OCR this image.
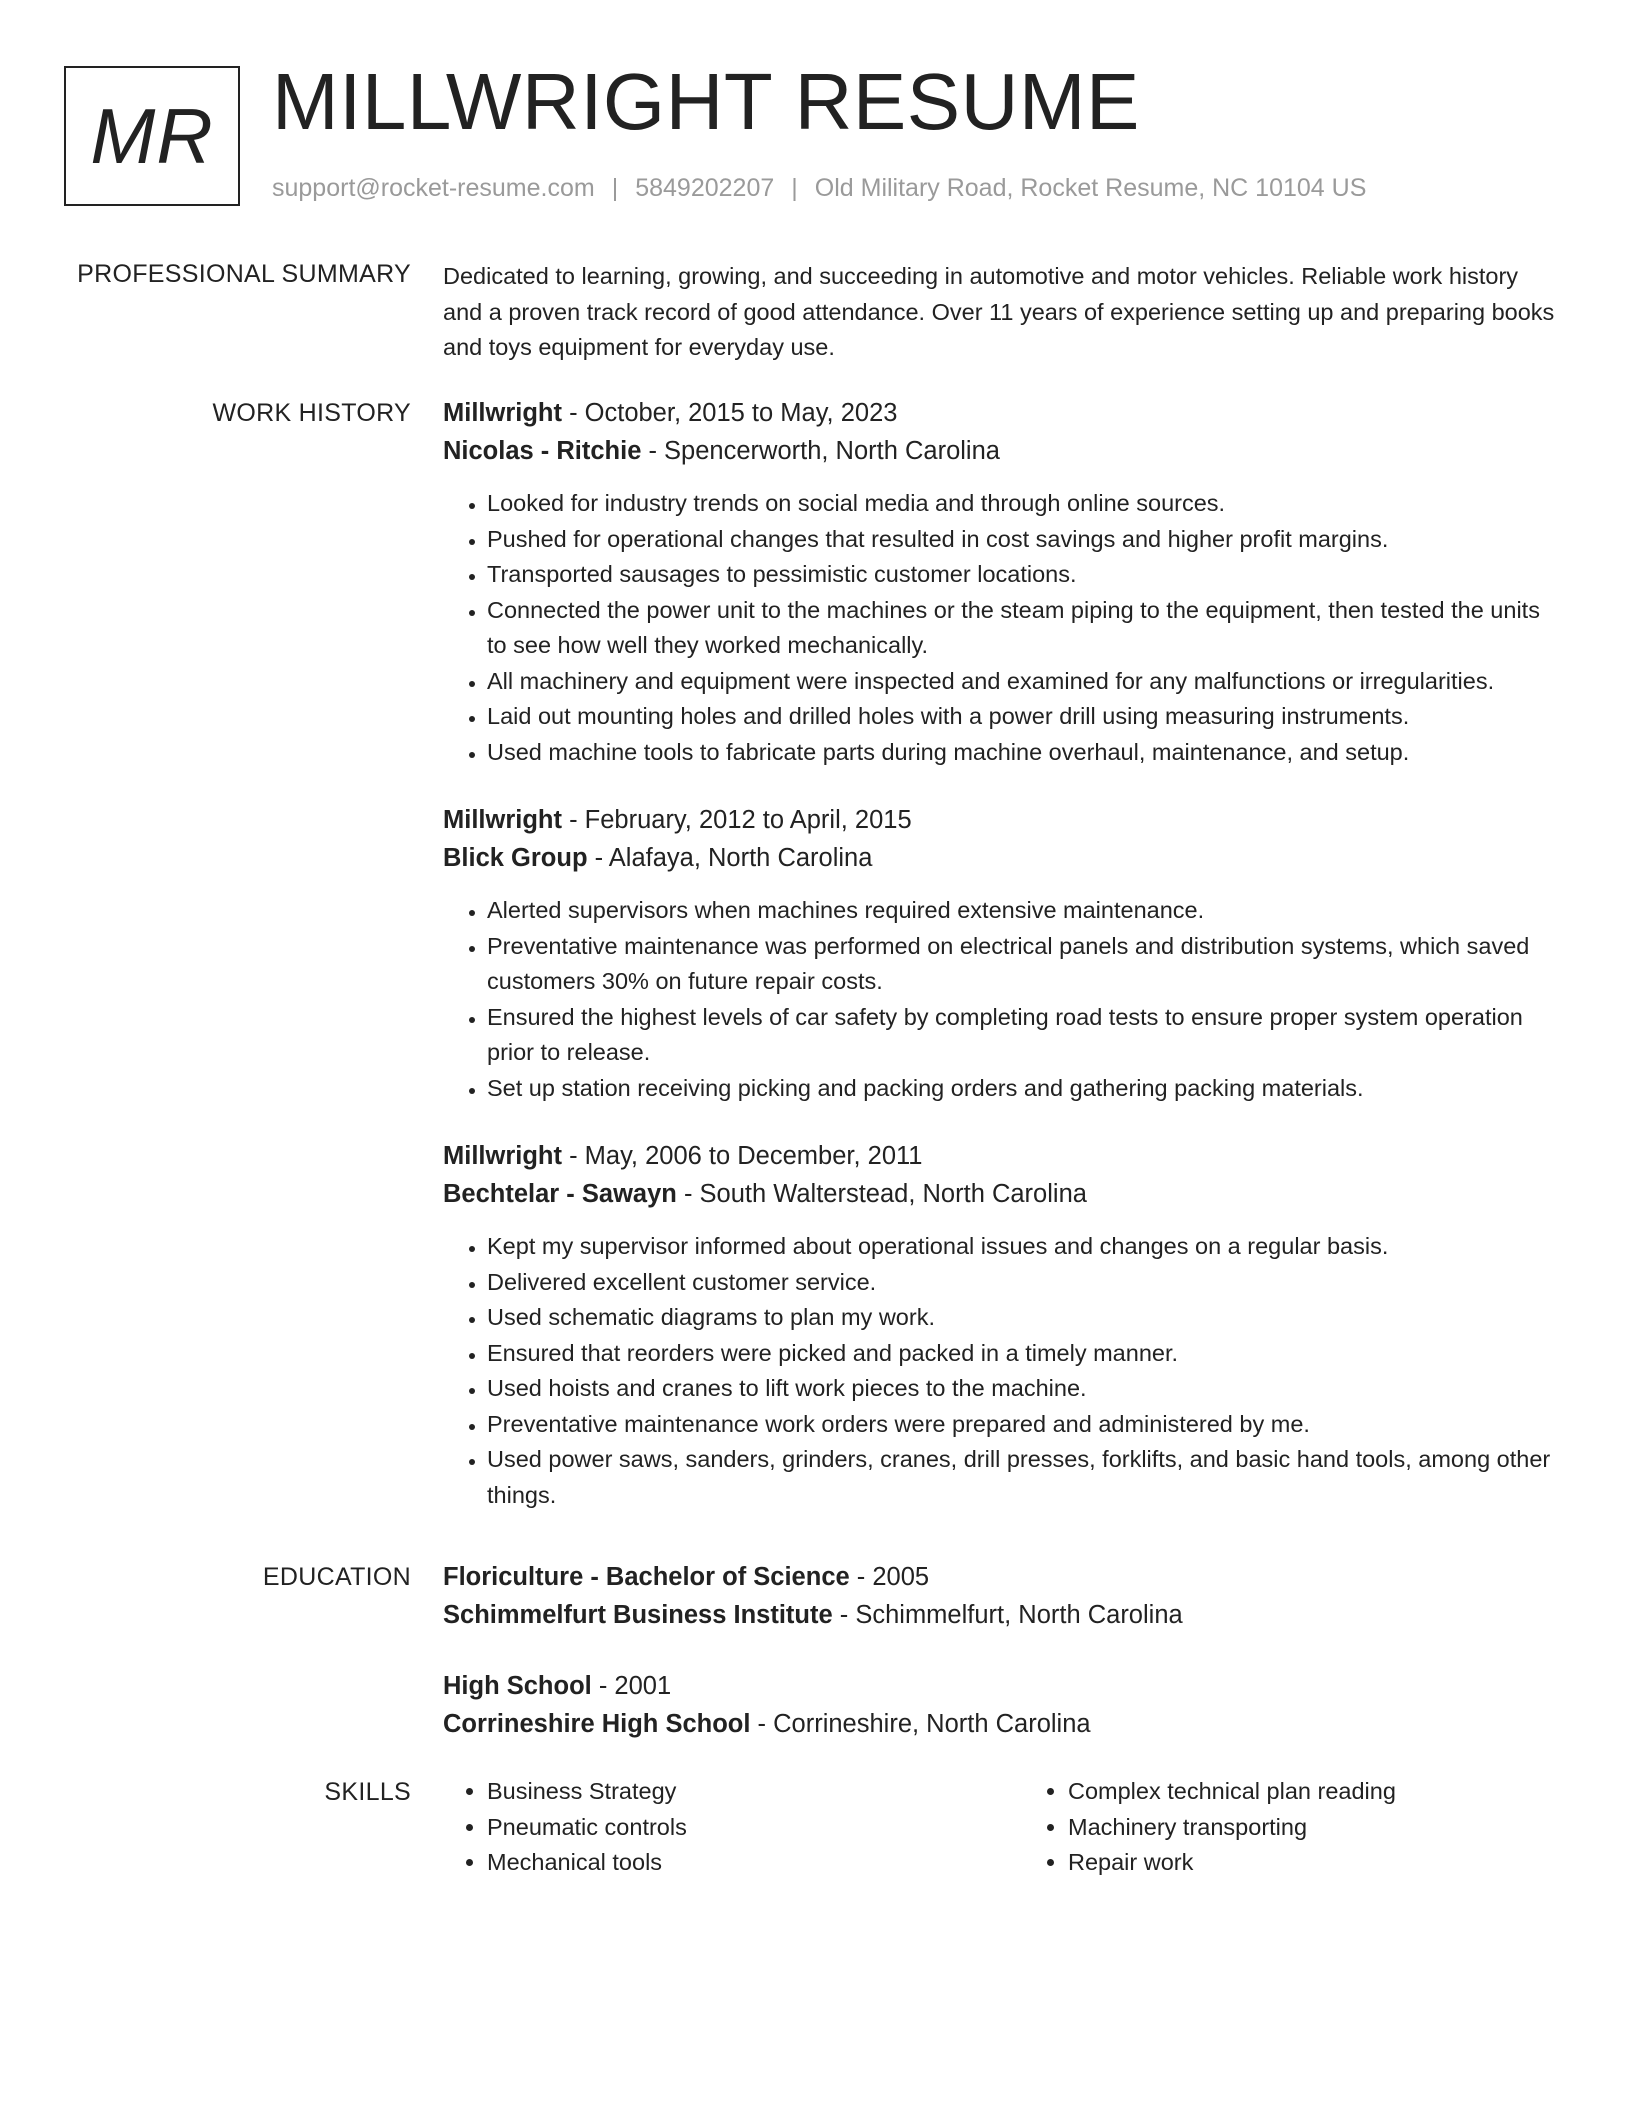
MR MILLWRIGHT RESUME
support@rocket-resume.com | 5849202207 | Old Military Road, Rocket Resume, NC 10104 US
PROFESSIONAL SUMMARY Dedicated to learning, growing, and succeeding in automotive and motor vehicles. Reliable work history and a proven track record of good attendance. Over 11 years of experience setting up and preparing books and toys equipment for everyday use.

WORK HISTORY Millwright - October, 2015 to May, 2023
Nicolas - Ritchie - Spencerworth, North Carolina
• Looked for industry trends on social media and through online sources.
• Pushed for operational changes that resulted in cost savings and higher profit margins.
• Transported sausages to pessimistic customer locations.
• Connected the power unit to the machines or the steam piping to the equipment, then tested the units to see how well they worked mechanically.
• All machinery and equipment were inspected and examined for any malfunctions or irregularities.
• Laid out mounting holes and drilled holes with a power drill using measuring instruments.
• Used machine tools to fabricate parts during machine overhaul, maintenance, and setup.
Millwright - February, 2012 to April, 2015
Blick Group - Alafaya, North Carolina
• Alerted supervisors when machines required extensive maintenance.
• Preventative maintenance was performed on electrical panels and distribution systems, which saved customers 30% on future repair costs.
• Ensured the highest levels of car safety by completing road tests to ensure proper system operation prior to release.
• Set up station receiving picking and packing orders and gathering packing materials.
Millwright - May, 2006 to December, 2011
Bechtelar - Sawayn - South Walterstead, North Carolina
• Kept my supervisor informed about operational issues and changes on a regular basis.
• Delivered excellent customer service.
• Used schematic diagrams to plan my work.
• Ensured that reorders were picked and packed in a timely manner.
• Used hoists and cranes to lift work pieces to the machine.
• Preventative maintenance work orders were prepared and administered by me.
• Used power saws, sanders, grinders, cranes, drill presses, forklifts, and basic hand tools, among other things.
EDUCATION Floriculture - Bachelor of Science - 2005
Schimmelfurt Business Institute - Schimmelfurt, North Carolina
High School - 2001
Corrineshire High School - Corrineshire, North Carolina
SKILLS
•	Business Strategy
• Pneumatic controls
• Mechanical tools
• Complex technical plan reading
• Machinery transporting
• Repair work
